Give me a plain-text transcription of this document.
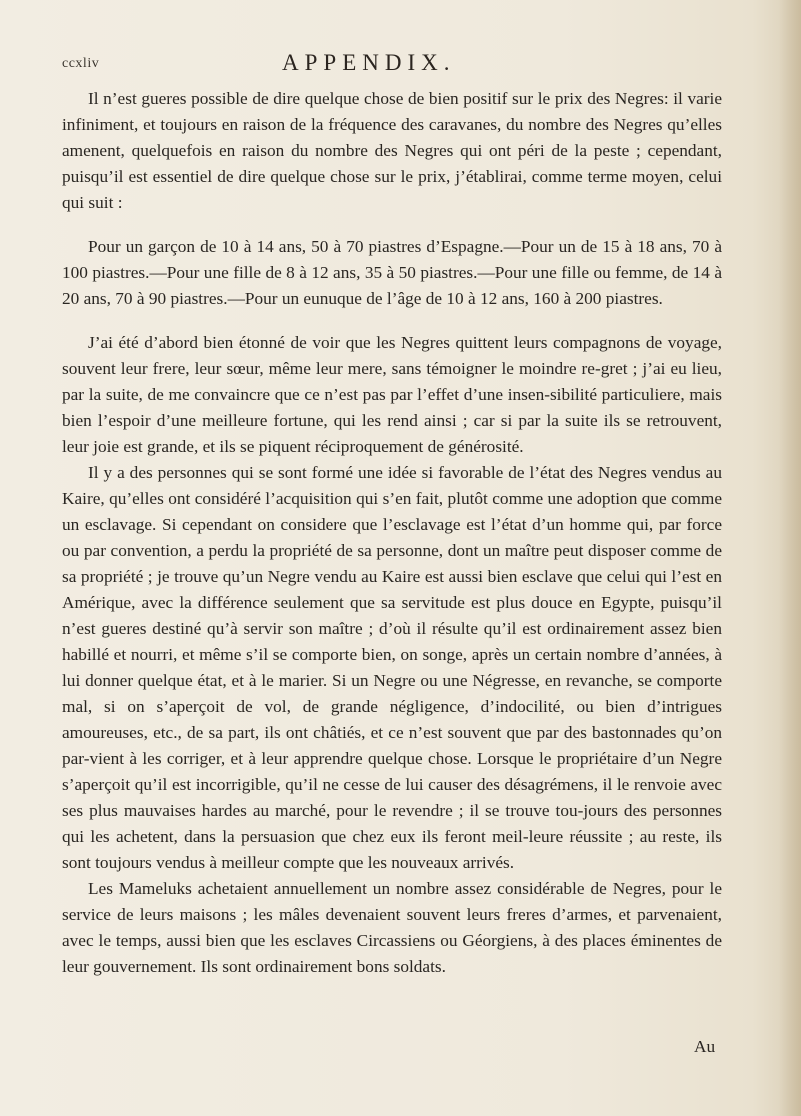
ccxliv	APPENDIX.

Il n’est gueres possible de dire quelque chose de bien positif sur le prix des Negres: il varie infiniment, et toujours en raison de la fréquence des caravanes, du nombre des Negres qu’elles amenent, quelquefois en raison du nombre des Negres qui ont péri de la peste ; cependant, puisqu’il est essentiel de dire quelque chose sur le prix, j’établirai, comme terme moyen, celui qui suit :

Pour un garçon de 10 à 14 ans, 50 à 70 piastres d’Espagne.—Pour un de 15 à 18 ans, 70 à 100 piastres.—Pour une fille de 8 à 12 ans, 35 à 50 piastres.—Pour une fille ou femme, de 14 à 20 ans, 70 à 90 piastres.—Pour un eunuque de l’âge de 10 à 12 ans, 160 à 200 piastres.

J’ai été d’abord bien étonné de voir que les Negres quittent leurs compagnons de voyage, souvent leur frere, leur sœur, même leur mere, sans témoigner le moindre re-gret ; j’ai eu lieu, par la suite, de me convaincre que ce n’est pas par l’effet d’une insen-sibilité particuliere, mais bien l’espoir d’une meilleure fortune, qui les rend ainsi ; car si par la suite ils se retrouvent, leur joie est grande, et ils se piquent réciproquement de générosité.

Il y a des personnes qui se sont formé une idée si favorable de l’état des Negres vendus au Kaire, qu’elles ont considéré l’acquisition qui s’en fait, plutôt comme une adoption que comme un esclavage. Si cependant on considere que l’esclavage est l’état d’un homme qui, par force ou par convention, a perdu la propriété de sa personne, dont un maître peut disposer comme de sa propriété ; je trouve qu’un Negre vendu au Kaire est aussi bien esclave que celui qui l’est en Amérique, avec la différence seulement que sa servitude est plus douce en Egypte, puisqu’il n’est gueres destiné qu’à servir son maître ; d’où il résulte qu’il est ordinairement assez bien habillé et nourri, et même s’il se comporte bien, on songe, après un certain nombre d’années, à lui donner quelque état, et à le marier. Si un Negre ou une Négresse, en revanche, se comporte mal, si on s’aperçoit de vol, de grande négligence, d’indocilité, ou bien d’intrigues amoureuses, etc., de sa part, ils ont châtiés, et ce n’est souvent que par des bastonnades qu’on par-vient à les corriger, et à leur apprendre quelque chose. Lorsque le propriétaire d’un Negre s’aperçoit qu’il est incorrigible, qu’il ne cesse de lui causer des désagrémens, il le renvoie avec ses plus mauvaises hardes au marché, pour le revendre ; il se trouve tou-jours des personnes qui les achetent, dans la persuasion que chez eux ils feront meil-leure réussite ; au reste, ils sont toujours vendus à meilleur compte que les nouveaux arrivés.

Les Mameluks achetaient annuellement un nombre assez considérable de Negres, pour le service de leurs maisons ; les mâles devenaient souvent leurs freres d’armes, et parvenaient, avec le temps, aussi bien que les esclaves Circassiens ou Géorgiens, à des places éminentes de leur gouvernement. Ils sont ordinairement bons soldats.

Au
